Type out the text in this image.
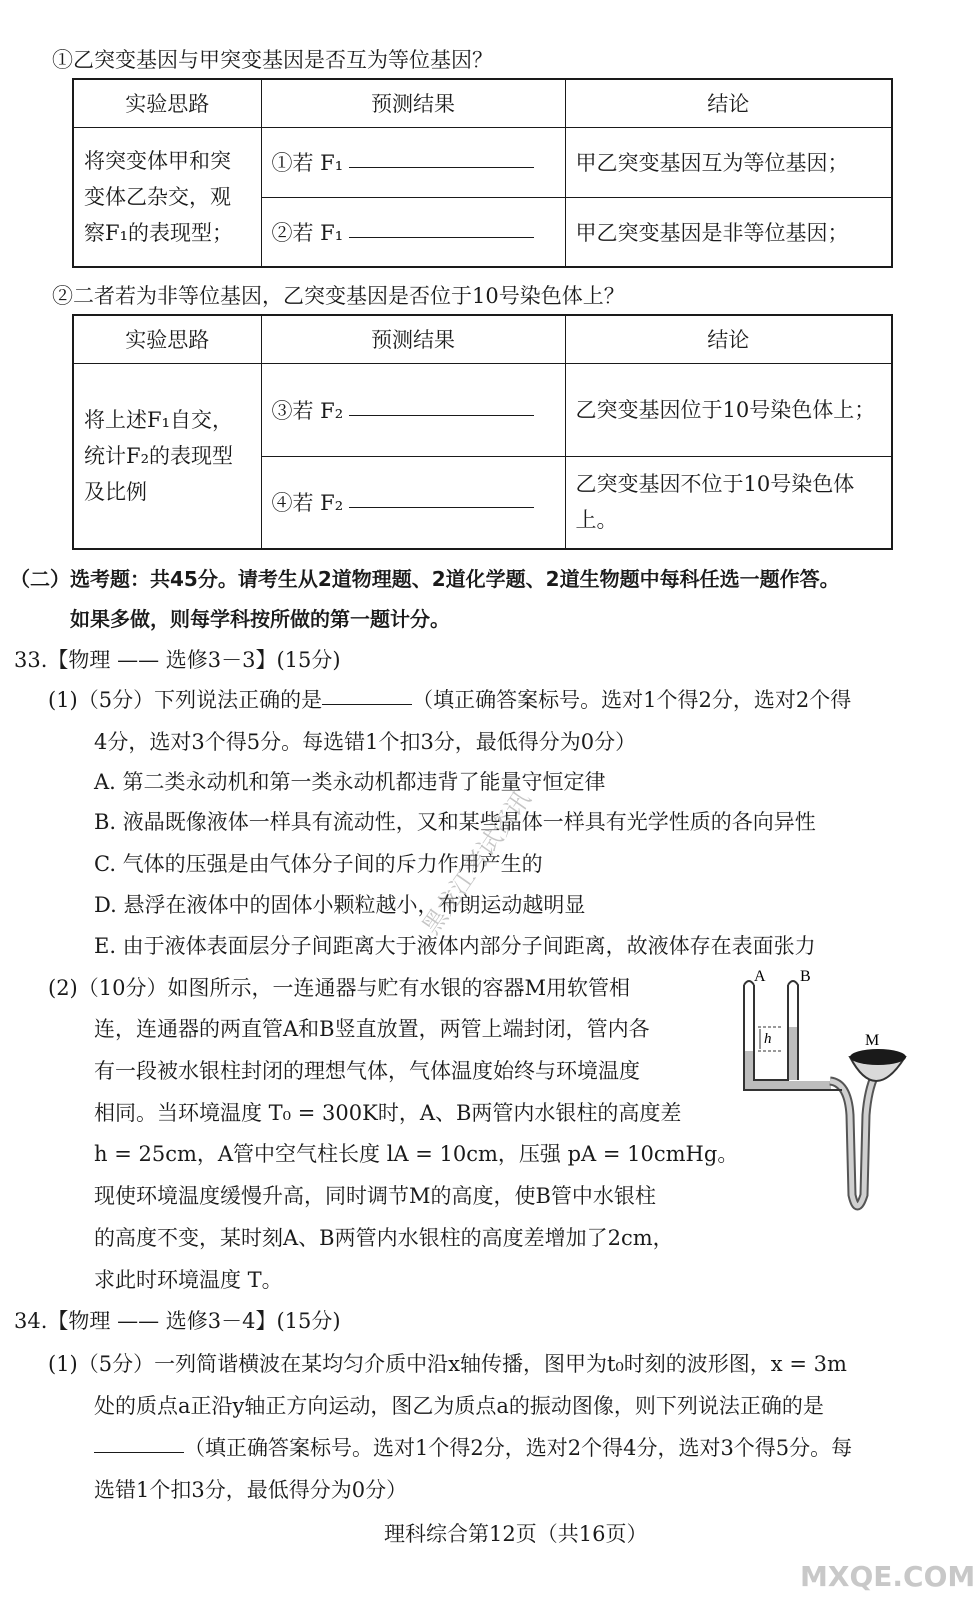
①乙突变基因与甲突变基因是否互为等位基因？
实验思路	预测结果	结论
将突变体甲和突变体乙杂交，观察F₁的表现型；	①若 F₁	甲乙突变基因互为等位基因；
	②若 F₁	甲乙突变基因是非等位基因；
②二者若为非等位基因，乙突变基因是否位于10号染色体上？
实验思路	预测结果	结论
将上述F₁自交，统计F₂的表现型及比例	③若 F₂	乙突变基因位于10号染色体上；
	④若 F₂	乙突变基因不位于10号染色体上。
（二）选考题：共45分。请考生从2道物理题、2道化学题、2道生物题中每科任选一题作答。
如果多做，则每学科按所做的第一题计分。
33.【物理 —— 选修3－3】(15分)
(1)（5分）下列说法正确的是	（填正确答案标号。选对1个得2分，选对2个得
4分，选对3个得5分。每选错1个扣3分，最低得分为0分）
A. 第二类永动机和第一类永动机都违背了能量守恒定律
B. 液晶既像液体一样具有流动性，又和某些晶体一样具有光学性质的各向异性
C. 气体的压强是由气体分子间的斥力作用产生的
D. 悬浮在液体中的固体小颗粒越小，布朗运动越明显
E. 由于液体表面层分子间距离大于液体内部分子间距离，故液体存在表面张力
(2)（10分）如图所示，一连通器与贮有水银的容器M用软管相
连，连通器的两直管A和B竖直放置，两管上端封闭，管内各
有一段被水银柱封闭的理想气体，气体温度始终与环境温度
相同。当环境温度 T₀ = 300K时，A、B两管内水银柱的高度差
h = 25cm，A管中空气柱长度 lA = 10cm，压强 pA = 10cmHg。
现使环境温度缓慢升高，同时调节M的高度，使B管中水银柱
的高度不变，某时刻A、B两管内水银柱的高度差增加了2cm，
求此时环境温度 T。
A B
h	M
34.【物理 —— 选修3－4】(15分)
(1)（5分）一列简谐横波在某均匀介质中沿x轴传播，图甲为t₀时刻的波形图，x = 3m
处的质点a正沿y轴正方向运动，图乙为质点a的振动图像，则下列说法正确的是
（填正确答案标号。选对1个得2分，选对2个得4分，选对3个得5分。每
选错1个扣3分，最低得分为0分）
理科综合第12页（共16页）
黑龙江考试资讯
MXQE.COM
